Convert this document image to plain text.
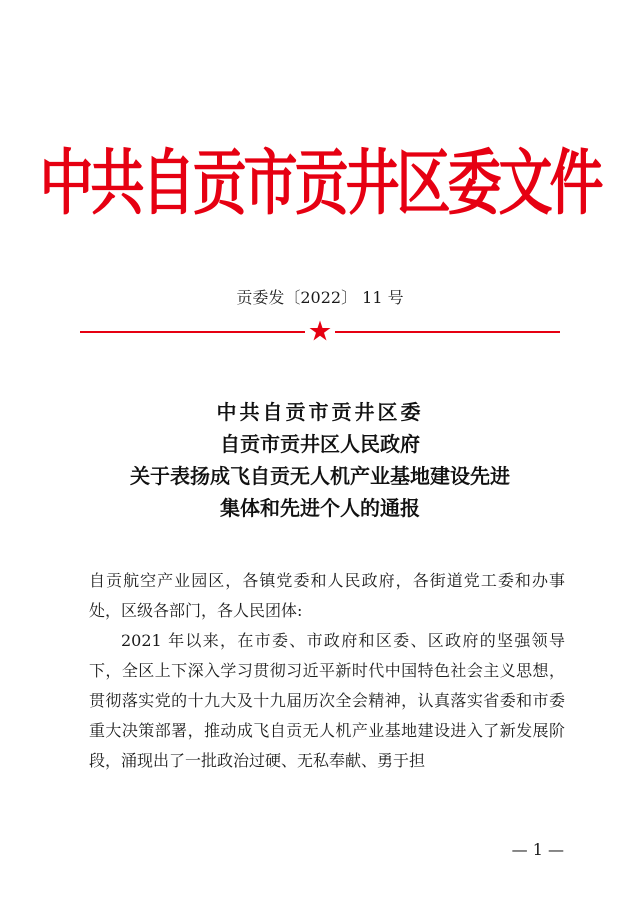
中共自贡市贡井区委文件
贡委发〔2022〕 11 号
中共自贡市贡井区委
自贡市贡井区人民政府
关于表扬成飞自贡无人机产业基地建设先进
集体和先进个人的通报

自贡航空产业园区，各镇党委和人民政府，各街道党工委和办事处，区级各部门，各人民团体:

2021 年以来，在市委、市政府和区委、区政府的坚强领导下，全区上下深入学习贯彻习近平新时代中国特色社会主义思想，贯彻落实党的十九大及十九届历次全会精神，认真落实省委和市委重大决策部署，推动成飞自贡无人机产业基地建设进入了新发展阶段，涌现出了一批政治过硬、无私奉献、勇于担

— 1 —
